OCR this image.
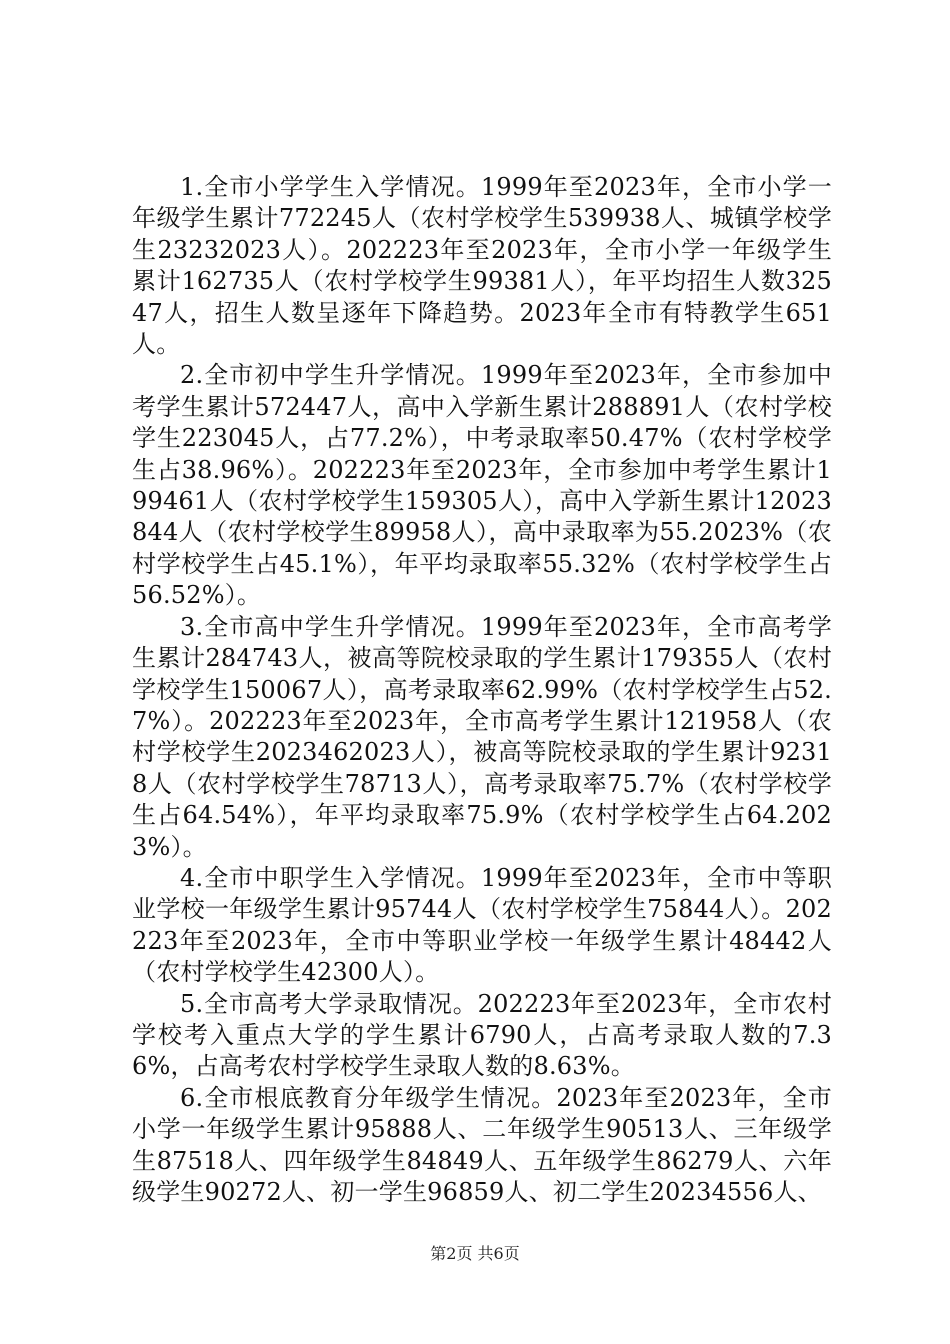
1.全市小学学生入学情况。1999年至2023年，全市小学一年级学生累计772245人（农村学校学生539938人、城镇学校学生23232023人）。202223年至2023年，全市小学一年级学生累计162735人（农村学校学生99381人），年平均招生人数32547人，招生人数呈逐年下降趋势。2023年全市有特教学生651人。

2.全市初中学生升学情况。1999年至2023年，全市参加中考学生累计572447人，高中入学新生累计288891人（农村学校学生223045人，占77.2%），中考录取率50.47%（农村学校学生占38.96%）。202223年至2023年，全市参加中考学生累计199461人（农村学校学生159305人），高中入学新生累计12023844人（农村学校学生89958人），高中录取率为55.2023%（农村学校学生占45.1%），年平均录取率55.32%（农村学校学生占56.52%）。

3.全市高中学生升学情况。1999年至2023年，全市高考学生累计284743人，被高等院校录取的学生累计179355人（农村学校学生150067人），高考录取率62.99%（农村学校学生占52.7%）。202223年至2023年，全市高考学生累计121958人（农村学校学生2023462023人），被高等院校录取的学生累计92318人（农村学校学生78713人），高考录取率75.7%（农村学校学生占64.54%），年平均录取率75.9%（农村学校学生占64.2023%）。

4.全市中职学生入学情况。1999年至2023年，全市中等职业学校一年级学生累计95744人（农村学校学生75844人）。202223年至2023年，全市中等职业学校一年级学生累计48442人（农村学校学生42300人）。

5.全市高考大学录取情况。202223年至2023年，全市农村学校考入重点大学的学生累计6790人，占高考录取人数的7.36%，占高考农村学校学生录取人数的8.63%。

6.全市根底教育分年级学生情况。2023年至2023年，全市小学一年级学生累计95888人、二年级学生90513人、三年级学生87518人、四年级学生84849人、五年级学生86279人、六年级学生90272人、初一学生96859人、初二学生20234556人、

第2页 共6页
